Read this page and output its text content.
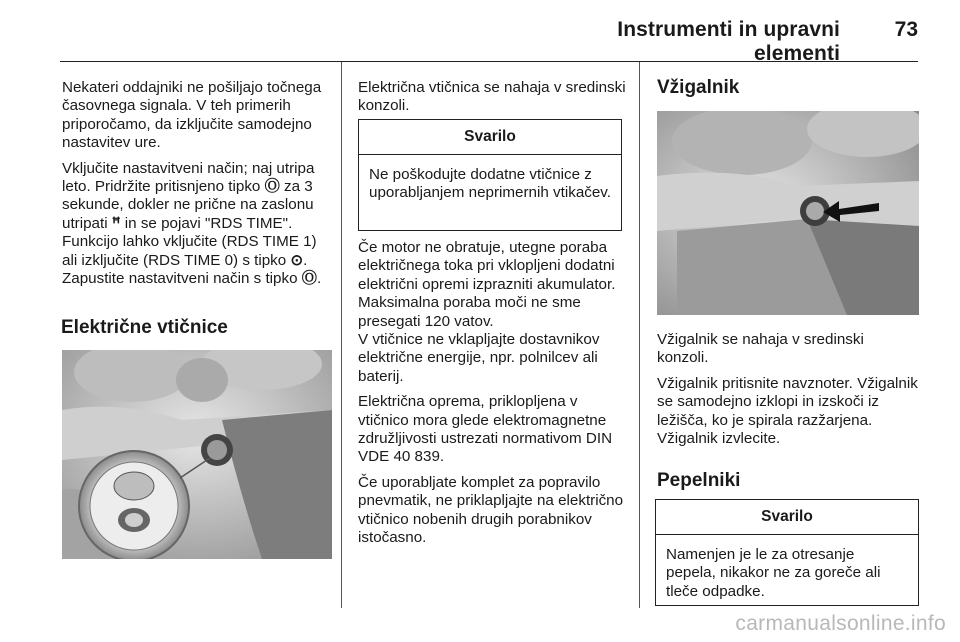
Instrumenti in upravni elementi
73

Nekateri oddajniki ne pošiljajo točnega časovnega signala. V teh primerih priporočamo, da izključite samodejno nastavitev ure.

Vključite nastavitveni način; naj utripa leto. Pridržite pritisnjeno tipko Ⓞ za 3 sekunde, dokler ne prične na zaslonu utripati ꟸ in se pojavi "RDS TIME". Funkcijo lahko vključite (RDS TIME 1) ali izključite (RDS TIME 0) s tipko ⊙. Zapustite nastavitveni način s tipko Ⓞ.

Električne vtičnice

Električna vtičnica se nahaja v sredinski konzoli.

Svarilo
Ne poškodujte dodatne vtičnice z uporabljanjem neprimernih vtikačev.

Če motor ne obratuje, utegne poraba električnega toka pri vklopljeni dodatni električni opremi izprazniti akumulator. Maksimalna poraba moči ne sme presegati 120 vatov.

V vtičnice ne vklapljajte dostavnikov električne energije, npr. polnilcev ali baterij.

Električna oprema, priklopljena v vtičnico mora glede elektromagnetne združljivosti ustrezati normativom DIN VDE 40 839.

Če uporabljate komplet za popravilo pnevmatik, ne priklapljajte na električno vtičnico nobenih drugih porabnikov istočasno.

Vžigalnik

Vžigalnik se nahaja v sredinski konzoli.

Vžigalnik pritisnite navznoter. Vžigalnik se samodejno izklopi in izskoči iz ležišča, ko je spirala razžarjena. Vžigalnik izvlecite.

Pepelniki
Svarilo
Namenjen je le za otresanje pepela, nikakor ne za goreče ali tleče odpadke.
carmanualsonline.info
